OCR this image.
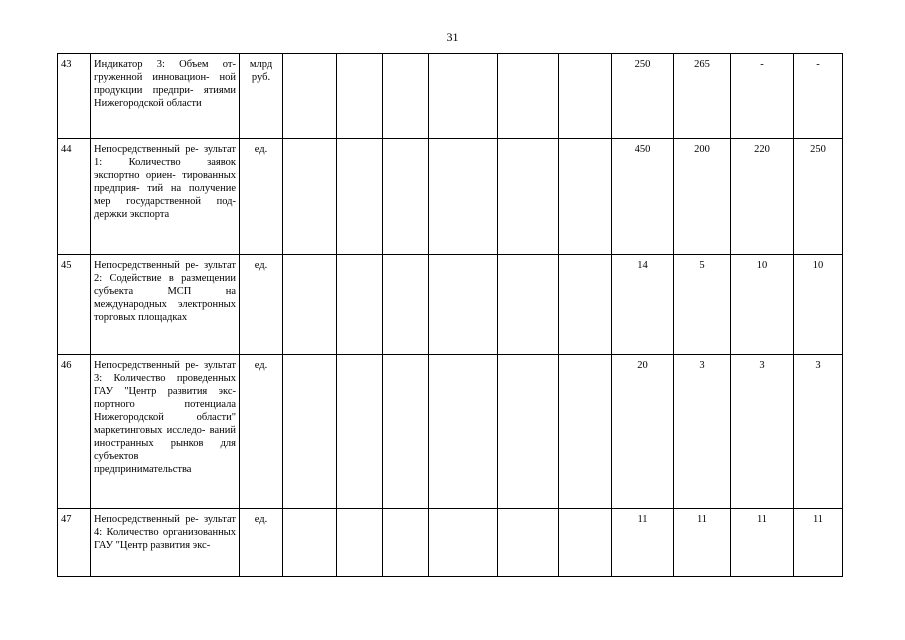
31
43	Индикатор 3: Объем от- груженной инновацион- ной продукции предпри- ятиями Нижегородской области	млрд руб.							250	265	-	-
44	Непосредственный ре- зультат 1: Количество заявок экспортно ориен- тированных предприя- тий на получение мер государственной под- держки экспорта	ед.							450	200	220	250
45	Непосредственный ре- зультат 2: Содействие в размещении субъекта МСП на международных электронных торговых площадках	ед.							14	5	10	10
46	Непосредственный ре- зультат 3: Количество проведенных ГАУ "Центр развития экс- портного потенциала Нижегородской области" маркетинговых исследо- ваний иностранных рынков для субъектов предпринимательства	ед.							20	3	3	3
47	Непосредственный ре- зультат 4: Количество организованных ГАУ "Центр развития экс-	ед.							11	11	11	11
